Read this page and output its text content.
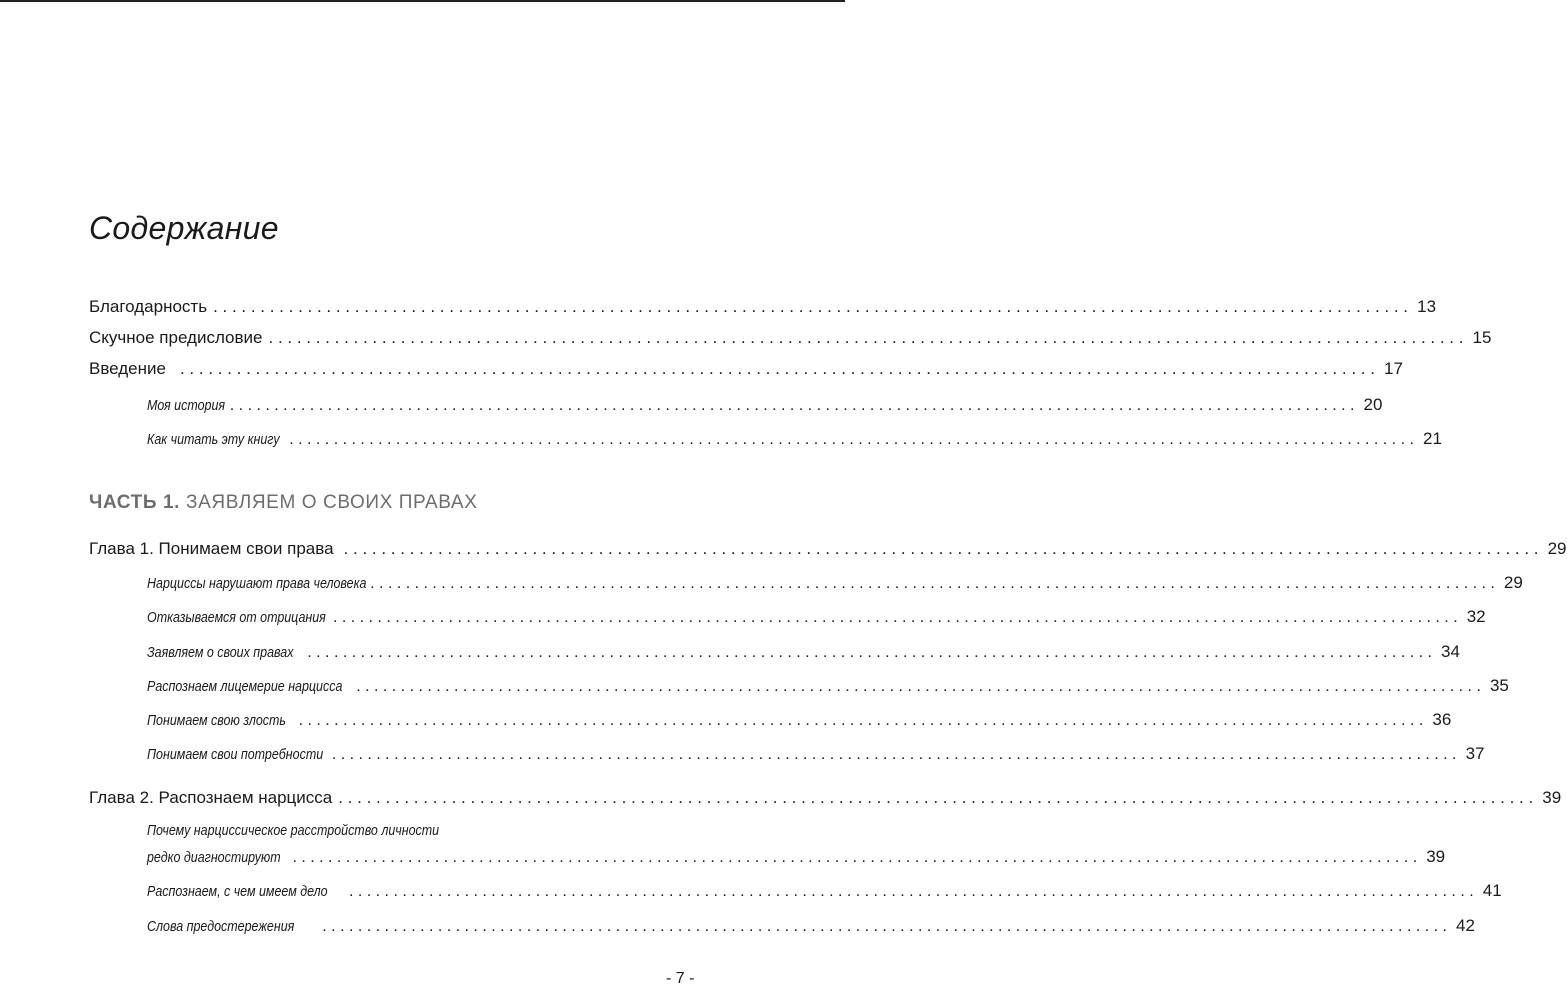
Содержание
Благодарность . . .	13
Скучное предисловие . . .	15
Введение . . .	17
Моя история . . .	20
Как читать эту книгу . . .	21
ЧАСТЬ 1. ЗАЯВЛЯЕМ О СВОИХ ПРАВАХ
Глава 1. Понимаем свои права . . .	29
Нарциссы нарушают права человека . . .	29
Отказываемся от отрицания . . .	32
Заявляем о своих правах . . .	34
Распознаем лицемерие нарцисса . . .	35
Понимаем свою злость . . .	36
Понимаем свои потребности . . .	37
Глава 2. Распознаем нарцисса . . .	39
Почему нарциссическое расстройство личности
редко диагностируют . . .	39
Распознаем, с чем имеем дело . . .	41
Слова предостережения . . .	42
- 7 -
